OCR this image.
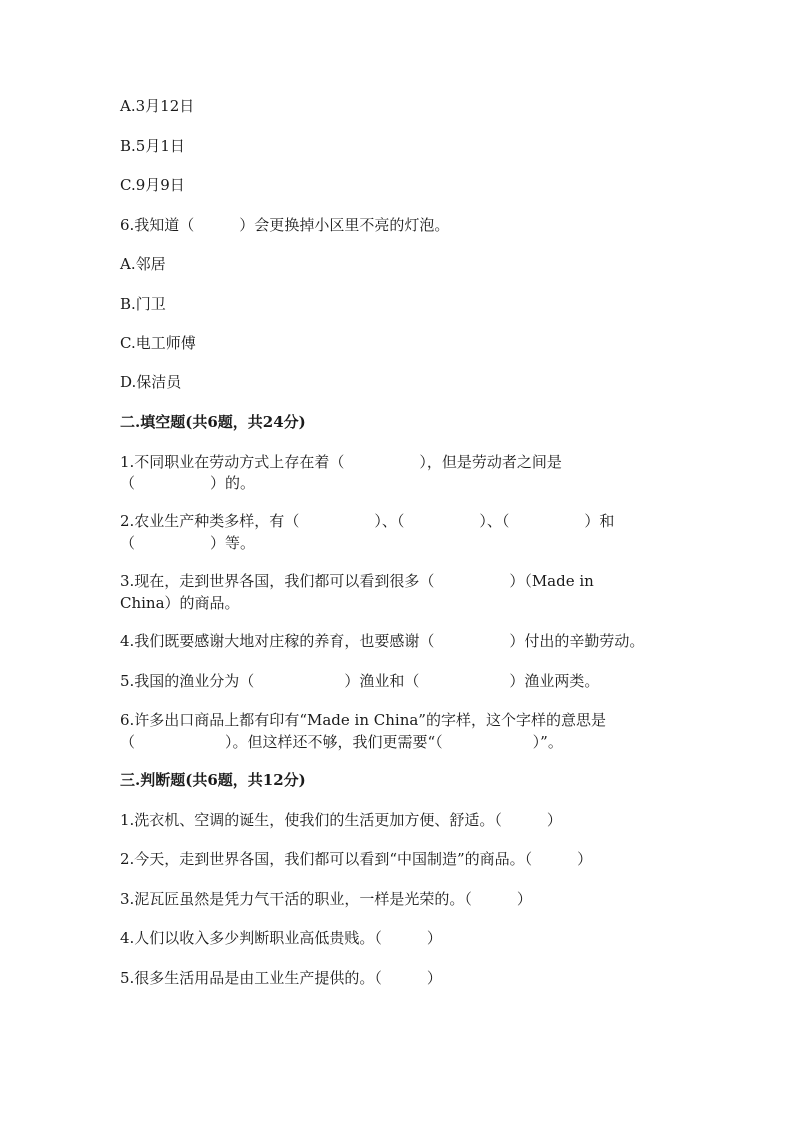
A.3月12日
B.5月1日
C.9月9日
6.我知道（　　　）会更换掉小区里不亮的灯泡。
A.邻居
B.门卫
C.电工师傅
D.保洁员
二.填空题(共6题，共24分)
1.不同职业在劳动方式上存在着（　　　　　），但是劳动者之间是
（　　　　　）的。
2.农业生产种类多样，有（　　　　　）、（　　　　　）、（　　　　　）和
（　　　　　）等。
3.现在，走到世界各国，我们都可以看到很多（　　　　　）（Made in
China）的商品。
4.我们既要感谢大地对庄稼的养育，也要感谢（　　　　　）付出的辛勤劳动。
5.我国的渔业分为（　　　　　　）渔业和（　　　　　　）渔业两类。
6.许多出口商品上都有印有“Made in China”的字样，这个字样的意思是
（　　　　　　）。但这样还不够，我们更需要“（　　　　　　）”。
三.判断题(共6题，共12分)
1.洗衣机、空调的诞生，使我们的生活更加方便、舒适。（　　　）
2.今天，走到世界各国，我们都可以看到“中国制造”的商品。（　　　）
3.泥瓦匠虽然是凭力气干活的职业，一样是光荣的。（　　　）
4.人们以收入多少判断职业高低贵贱。（　　　）
5.很多生活用品是由工业生产提供的。（　　　）
